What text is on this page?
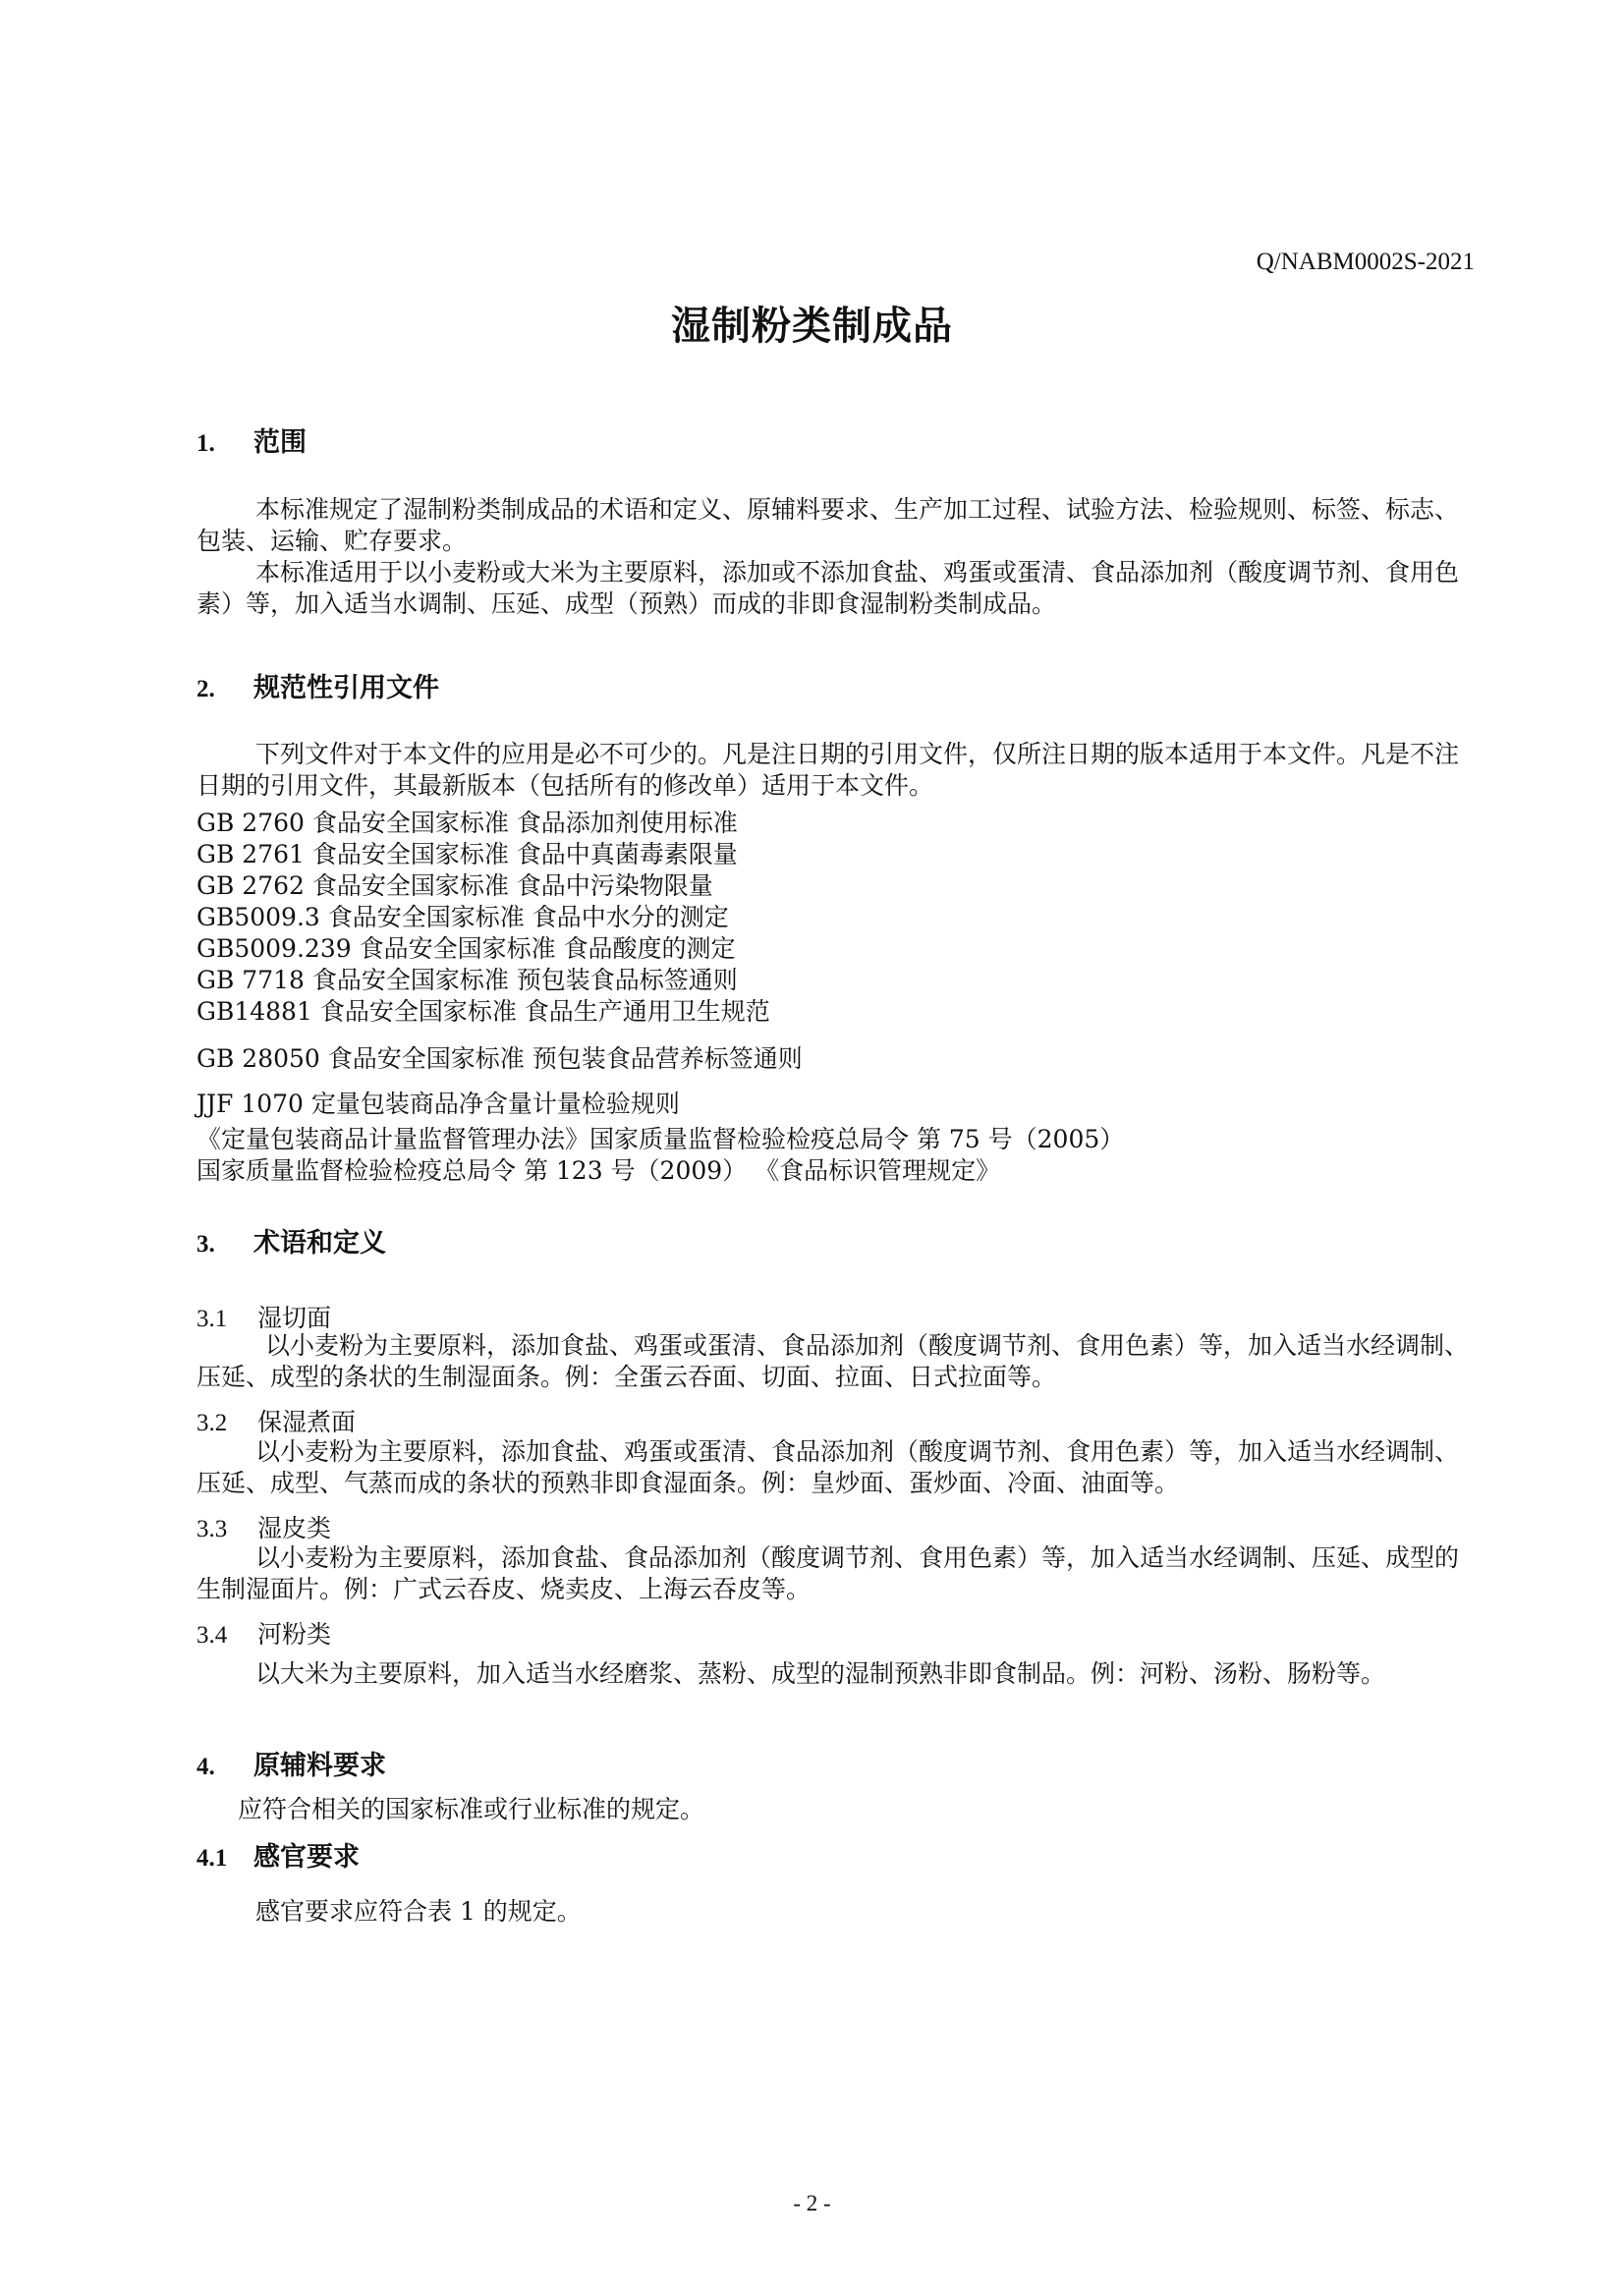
Q/NABM0002S-2021
湿制粉类制成品
1. 范围

本标准规定了湿制粉类制成品的术语和定义、原辅料要求、生产加工过程、试验方法、检验规则、标签、标志、包装、运输、贮存要求。

本标准适用于以小麦粉或大米为主要原料，添加或不添加食盐、鸡蛋或蛋清、食品添加剂（酸度调节剂、食用色素）等，加入适当水调制、压延、成型（预熟）而成的非即食湿制粉类制成品。

2. 规范性引用文件

下列文件对于本文件的应用是必不可少的。凡是注日期的引用文件，仅所注日期的版本适用于本文件。凡是不注日期的引用文件，其最新版本（包括所有的修改单）适用于本文件。

GB 2760 食品安全国家标准 食品添加剂使用标准
GB 2761 食品安全国家标准 食品中真菌毒素限量
GB 2762 食品安全国家标准 食品中污染物限量
GB5009.3 食品安全国家标准 食品中水分的测定
GB5009.239 食品安全国家标准 食品酸度的测定
GB 7718 食品安全国家标准 预包装食品标签通则
GB14881 食品安全国家标准 食品生产通用卫生规范
GB 28050 食品安全国家标准 预包装食品营养标签通则
JJF 1070 定量包装商品净含量计量检验规则
《定量包装商品计量监督管理办法》国家质量监督检验检疫总局令 第 75 号（2005）
国家质量监督检验检疫总局令 第 123 号（2009） 《食品标识管理规定》
3. 术语和定义
3.1 湿切面

以小麦粉为主要原料，添加食盐、鸡蛋或蛋清、食品添加剂（酸度调节剂、食用色素）等，加入适当水经调制、压延、成型的条状的生制湿面条。例：全蛋云吞面、切面、拉面、日式拉面等。

3.2 保湿煮面

以小麦粉为主要原料，添加食盐、鸡蛋或蛋清、食品添加剂（酸度调节剂、食用色素）等，加入适当水经调制、压延、成型、气蒸而成的条状的预熟非即食湿面条。例：皇炒面、蛋炒面、冷面、油面等。

3.3 湿皮类

以小麦粉为主要原料，添加食盐、食品添加剂（酸度调节剂、食用色素）等，加入适当水经调制、压延、成型的生制湿面片。例：广式云吞皮、烧卖皮、上海云吞皮等。

3.4 河粉类

以大米为主要原料，加入适当水经磨浆、蒸粉、成型的湿制预熟非即食制品。例：河粉、汤粉、肠粉等。

4. 原辅料要求
应符合相关的国家标准或行业标准的规定。
4.1 感官要求
感官要求应符合表 1 的规定。
- 2 -
